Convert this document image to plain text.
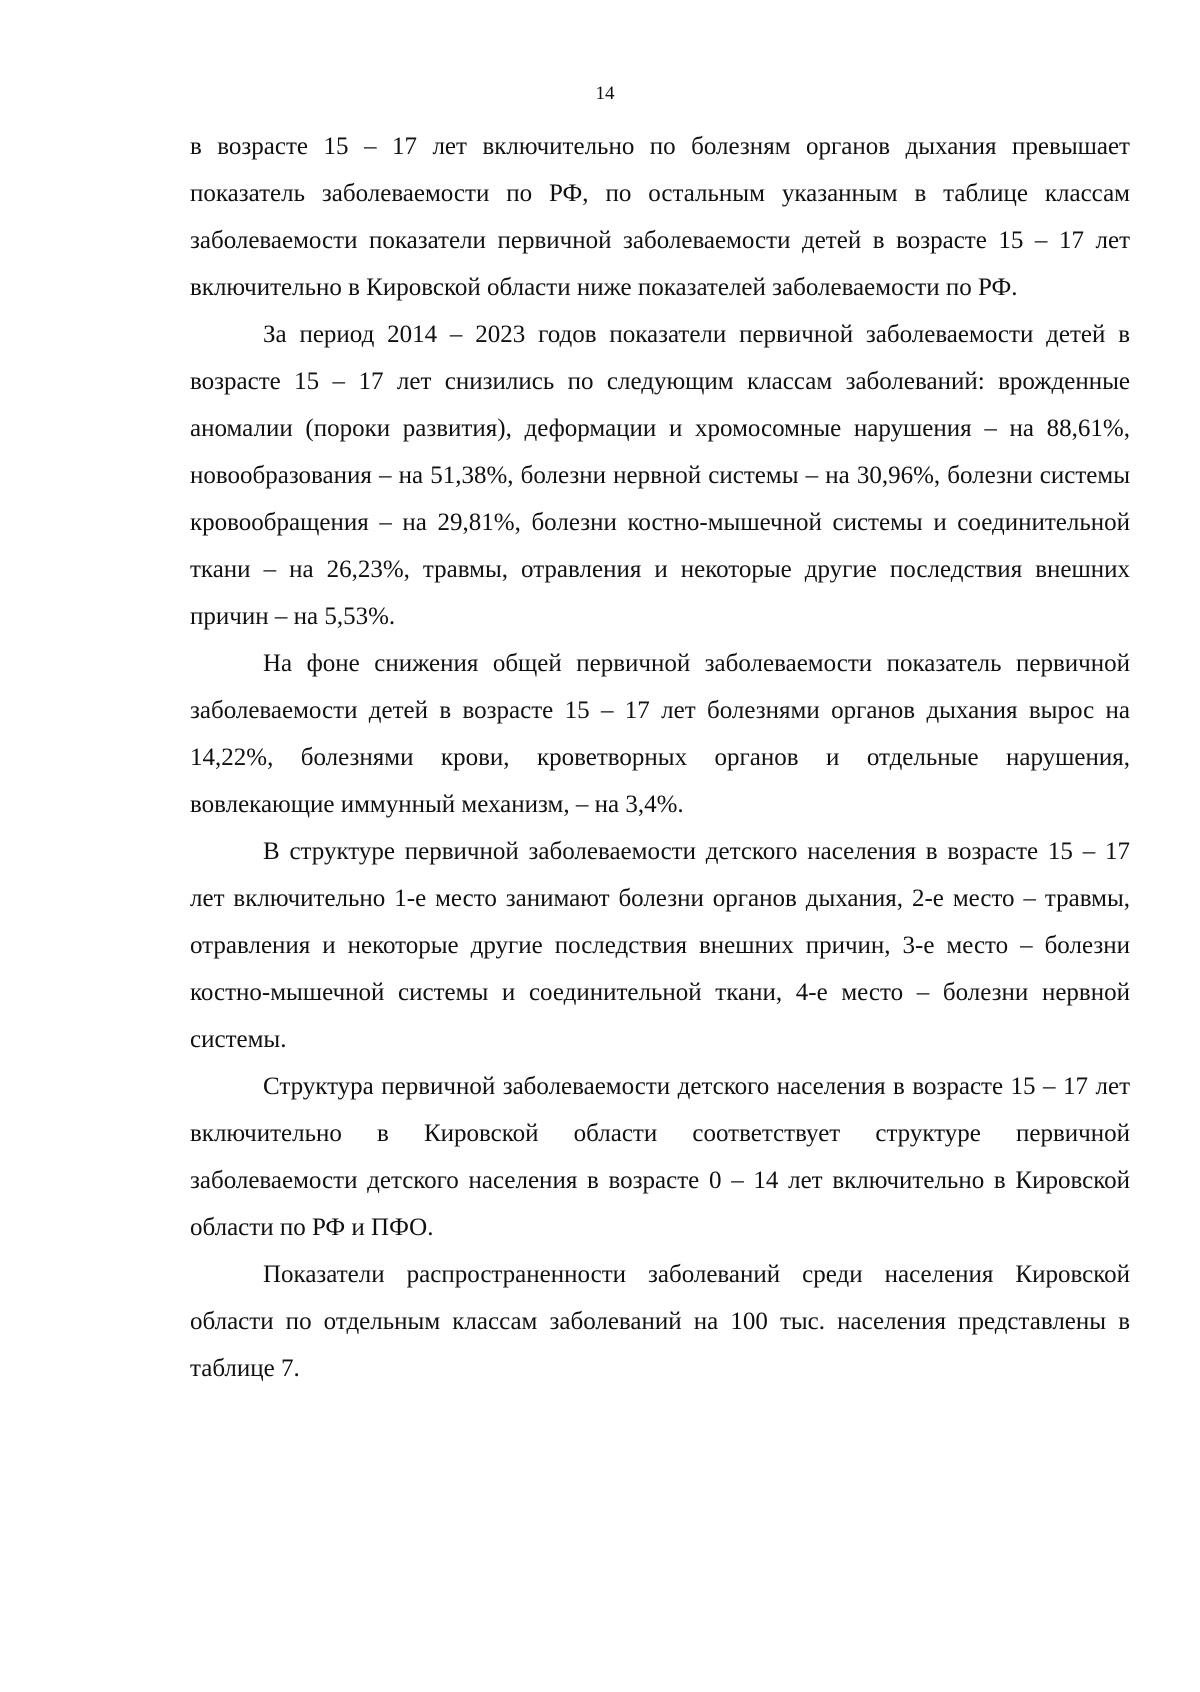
14

в возрасте 15 – 17 лет включительно по болезням органов дыхания превышает показатель заболеваемости по РФ, по остальным указанным в таблице классам заболеваемости показатели первичной заболеваемости детей в возрасте 15 – 17 лет включительно в Кировской области ниже показателей заболеваемости по РФ.

За период 2014 – 2023 годов показатели первичной заболеваемости детей в возрасте 15 – 17 лет снизились по следующим классам заболеваний: врожденные аномалии (пороки развития), деформации и хромосомные нарушения – на 88,61%, новообразования – на 51,38%, болезни нервной системы – на 30,96%, болезни системы кровообращения – на 29,81%, болезни костно-мышечной системы и соединительной ткани – на 26,23%, травмы, отравления и некоторые другие последствия внешних причин – на 5,53%.

На фоне снижения общей первичной заболеваемости показатель первичной заболеваемости детей в возрасте 15 – 17 лет болезнями органов дыхания вырос на 14,22%, болезнями крови, кроветворных органов и отдельные нарушения, вовлекающие иммунный механизм, – на 3,4%.

В структуре первичной заболеваемости детского населения в возрасте 15 – 17 лет включительно 1-е место занимают болезни органов дыхания, 2-е место – травмы, отравления и некоторые другие последствия внешних причин, 3-е место – болезни костно-мышечной системы и соединительной ткани, 4-е место – болезни нервной системы.

Структура первичной заболеваемости детского населения в возрасте 15 – 17 лет включительно в Кировской области соответствует структуре первичной заболеваемости детского населения в возрасте 0 – 14 лет включительно в Кировской области по РФ и ПФО.

Показатели распространенности заболеваний среди населения Кировской области по отдельным классам заболеваний на 100 тыс. населения представлены в таблице 7.
